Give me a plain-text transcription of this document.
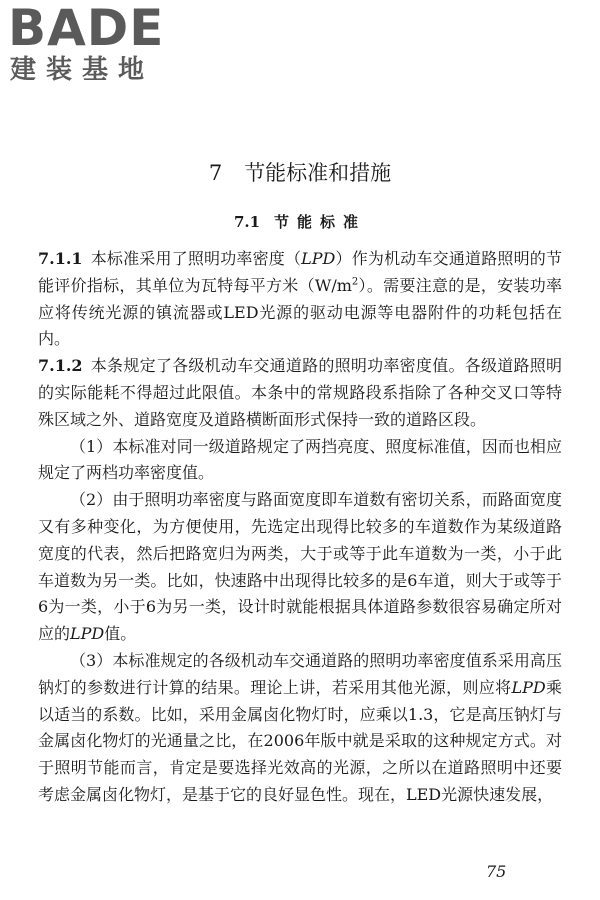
BADE
建装基地
7 节能标准和措施
7.1 节能标准

7.1.1 本标准采用了照明功率密度（LPD）作为机动车交通道路照明的节能评价指标，其单位为瓦特每平方米$(W/m^2)$。需要注意的是，安装功率应将传统光源的镇流器或LED光源的驱动电源等电器附件的功耗包括在内。

7.1.2 本条规定了各级机动车交通道路的照明功率密度值。各级道路照明的实际能耗不得超过此限值。本条中的常规路段系指除了各种交叉口等特殊区域之外、道路宽度及道路横断面形式保持一致的道路区段。

（1）本标准对同一级道路规定了两挡亮度、照度标准值，因而也相应规定了两档功率密度值。

（2）由于照明功率密度与路面宽度即车道数有密切关系，而路面宽度又有多种变化，为方便使用，先选定出现得比较多的车道数作为某级道路宽度的代表，然后把路宽归为两类，大于或等于此车道数为一类，小于此车道数为另一类。比如，快速路中出现得比较多的是6车道，则大于或等于6为一类，小于6为另一类，设计时就能根据具体道路参数很容易确定所对应的LPD值。

（3）本标准规定的各级机动车交通道路的照明功率密度值系采用高压钠灯的参数进行计算的结果。理论上讲，若采用其他光源，则应将LPD乘以适当的系数。比如，采用金属卤化物灯时，应乘以1.3，它是高压钠灯与金属卤化物灯的光通量之比，在2006年版中就是采取的这种规定方式。对于照明节能而言，肯定是要选择光效高的光源，之所以在道路照明中还要考虑金属卤化物灯，是基于它的良好显色性。现在，LED光源快速发展，

75
